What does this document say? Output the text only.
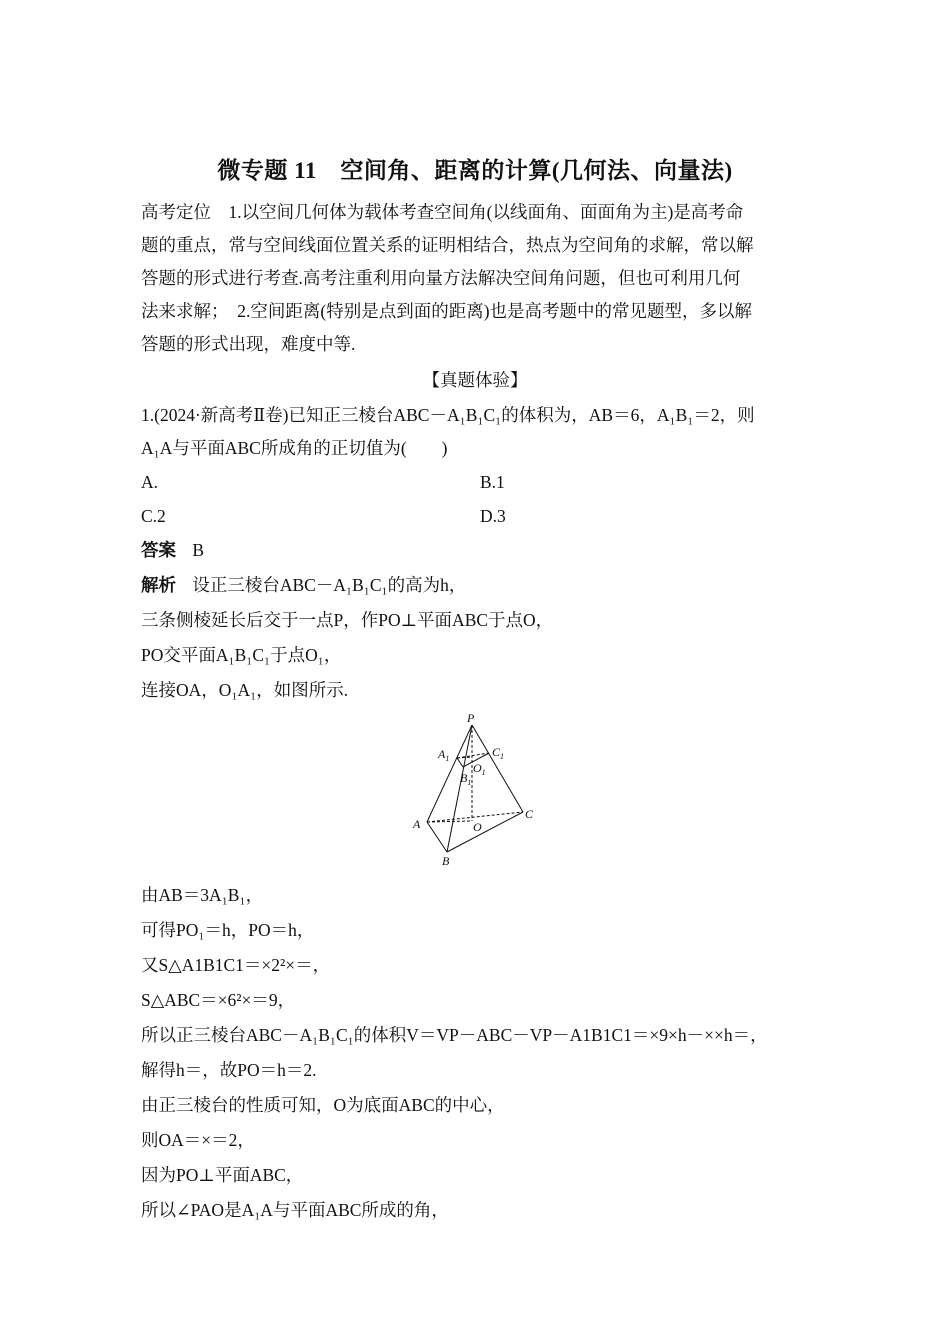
微专题 11　空间角、距离的计算(几何法、向量法)
高考定位　1.以空间几何体为载体考查空间角(以线面角、面面角为主)是高考命
题的重点，常与空间线面位置关系的证明相结合，热点为空间角的求解，常以解
答题的形式进行考查.高考注重利用向量方法解决空间角问题，但也可利用几何
法来求解；　2.空间距离(特别是点到面的距离)也是高考题中的常见题型，多以解
答题的形式出现，难度中等.
【真题体验】
1.(2024·新高考Ⅱ卷)已知正三棱台ABC－A₁B₁C₁的体积为，AB＝6，A₁B₁＝2，则
A₁A与平面ABC所成角的正切值为(　　)
A.	B.1
C.2	D.3
答案 B
解析 设正三棱台ABC－A₁B₁C₁的高为h，
三条侧棱延长后交于一点P，作PO⊥平面ABC于点O，
PO交平面A₁B₁C₁于点O₁，
连接OA，O₁A₁，如图所示.
P
$A_1$	$C_1$
$O_1$
$B_1$
A	O
C
B
由AB＝3A₁B₁，
可得PO₁＝h，PO＝h，
又S△A1B1C1＝×2²×＝，
S△ABC＝×6²×＝9，
所以正三棱台ABC－A₁B₁C₁的体积V＝VP－ABC－VP－A1B1C1＝×9×h－××h＝，
解得h＝，故PO＝h＝2.
由正三棱台的性质可知，O为底面ABC的中心，
则OA＝×＝2，
因为PO⊥平面ABC，
所以∠PAO是A₁A与平面ABC所成的角，
